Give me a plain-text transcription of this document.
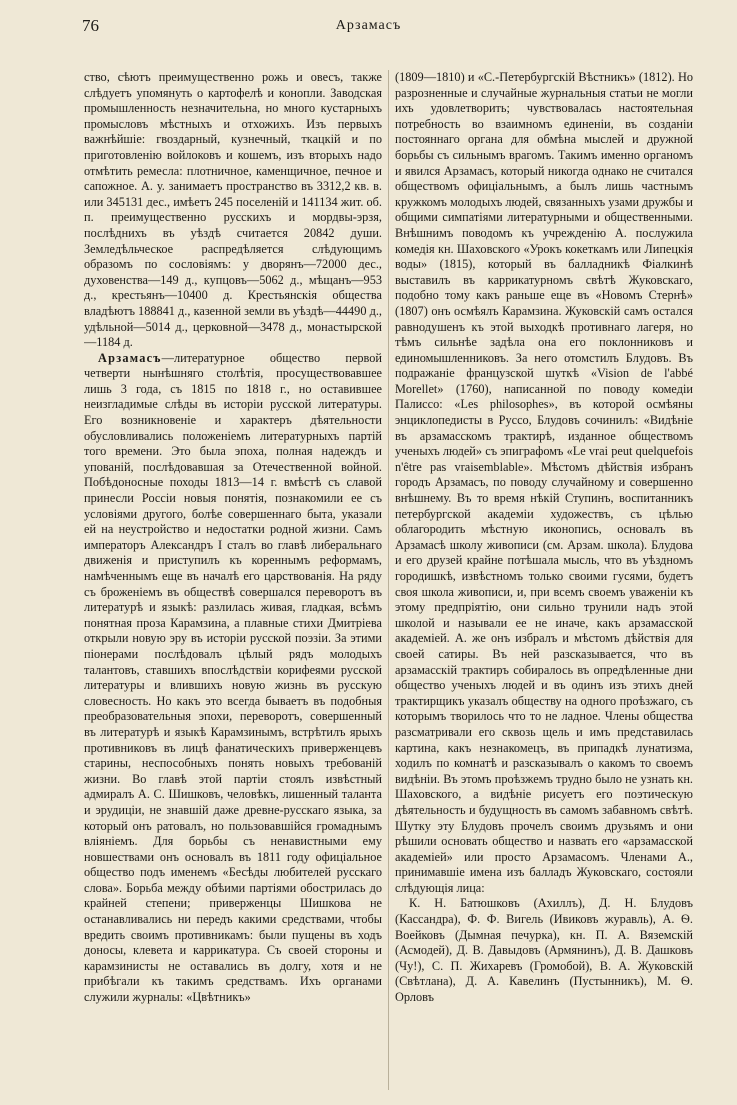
76	Арзамасъ

ство, сѣютъ преимущественно рожь и овесъ, также слѣдуетъ упомянуть о картофелѣ и конопли. Заводская промышленность незначительна, но много кустарныхъ промысловъ мѣстныхъ и отхожихъ. Изъ первыхъ важнѣйшіе: гвоздарный, кузнечный, ткацкій и по приготовленію войлоковъ и кошемъ, изъ вторыхъ надо отмѣтить ремесла: плотничное, каменщичное, печное и сапожное. А. у. занимаетъ пространство въ 3312,2 кв. в. или 345131 дес., имѣетъ 245 поселеній и 141134 жит. об. п. преимущественно русскихъ и мордвы-эрзя, послѣднихъ въ уѣздѣ считается 20842 души. Земледѣльческое распредѣляется слѣдующимъ образомъ по сословіямъ: у дворянъ—72000 дес., духовенства—149 д., купцовъ—5062 д., мѣщанъ—953 д., крестьянъ—10400 д. Крестьянскія общества владѣютъ 188841 д., казенной земли въ уѣздѣ—44490 д., удѣльной—5014 д., церковной—3478 д., монастырской—1184 д.

Арзамасъ—литературное общество первой четверти нынѣшняго столѣтія, просуществовавшее лишь 3 года, съ 1815 по 1818 г., но оставившее неизгладимые слѣды въ исторіи русской литературы. Его возникновеніе и характеръ дѣятельности обусловливались положеніемъ литературныхъ партій того времени. Это была эпоха, полная надеждъ и упованій, послѣдовавшая за Отечественной войной. Побѣдоносные походы 1813—14 г. вмѣстѣ съ славой принесли Россіи новыя понятія, познакомили ее съ условіями другого, болѣе совершеннаго быта, указали ей на неустройство и недостатки родной жизни. Самъ императоръ Александръ I сталъ во главѣ либеральнаго движенія и приступилъ къ кореннымъ реформамъ, намѣченнымъ еще въ началѣ его царствованія. На ряду съ броженіемъ въ обществѣ совершался переворотъ въ литературѣ и языкѣ: разлилась живая, гладкая, всѣмъ понятная проза Карамзина, а плавные стихи Дмитріева открыли новую эру въ исторіи русской поэзіи. За этими піонерами послѣдовалъ цѣлый рядъ молодыхъ талантовъ, ставшихъ впослѣдствіи корифеями русской литературы и влившихъ новую жизнь въ русскую словесность. Но какъ это всегда бываетъ въ подобныя преобразовательныя эпохи, переворотъ, совершенный въ литературѣ и языкѣ Карамзинымъ, встрѣтилъ ярыхъ противниковъ въ лицѣ фанатическихъ приверженцевъ старины, неспособныхъ понять новыхъ требованій жизни. Во главѣ этой партіи стоялъ извѣстный адмиралъ А. С. Шишковъ, человѣкъ, лишенный таланта и эрудиціи, не знавшій даже древне-русскаго языка, за который онъ ратовалъ, но пользовавшійся громаднымъ вліяніемъ. Для борьбы съ ненавистными ему новшествами онъ основалъ въ 1811 году офиціальное общество подъ именемъ «Бесѣды любителей русскаго слова». Борьба между обѣими партіями обострилась до крайней степени; приверженцы Шишкова не останавливались ни передъ какими средствами, чтобы вредить своимъ противникамъ: были пущены въ ходъ доносы, клевета и каррикатура. Съ своей стороны и карамзинисты не оставались въ долгу, хотя и не прибѣгали къ такимъ средствамъ. Ихъ органами служили журналы: «Цвѣтникъ»

(1809—1810) и «С.-Петербургскій Вѣстникъ» (1812). Но разрозненные и случайные журнальныя статьи не могли ихъ удовлетворить; чувствовалась настоятельная потребность во взаимномъ единеніи, въ созданіи постояннаго органа для обмѣна мыслей и дружной борьбы съ сильнымъ врагомъ. Такимъ именно органомъ и явился Арзамасъ, который никогда однако не считался обществомъ офиціальнымъ, а былъ лишь частнымъ кружкомъ молодыхъ людей, связанныхъ узами дружбы и общими симпатіями литературными и общественными. Внѣшнимъ поводомъ къ учрежденію А. послужила комедія кн. Шаховского «Урокъ кокеткамъ или Липецкія воды» (1815), который въ балладникѣ Фіалкинѣ выставилъ въ каррикатурномъ свѣтѣ Жуковскаго, подобно тому какъ раньше еще въ «Новомъ Стернѣ» (1807) онъ осмѣялъ Карамзина. Жуковскій самъ остался равнодушенъ къ этой выходкѣ противнаго лагеря, но тѣмъ сильнѣе задѣла она его поклонниковъ и единомышленниковъ. За него отомстилъ Блудовъ. Въ подражаніе французской шуткѣ «Vision de l'abbé Morellet» (1760), написанной по поводу комедіи Палиссо: «Les philosophes», въ которой осмѣяны энциклопедисты в Руссо, Блудовъ сочинилъ: «Видѣніе въ арзамасскомъ трактирѣ, изданное обществомъ ученыхъ людей» съ эпиграфомъ «Le vrai peut quelquefois n'être pas vraisemblable». Мѣстомъ дѣйствія избранъ городъ Арзамасъ, по поводу случайному и совершенно внѣшнему. Въ то время нѣкій Ступинъ, воспитанникъ петербургской академіи художествъ, съ цѣлью облагородить мѣстную иконопись, основалъ въ Арзамасѣ школу живописи (см. Арзам. школа). Блудова и его друзей крайне потѣшала мысль, что въ уѣздномъ городишкѣ, извѣстномъ только своими гусями, будетъ своя школа живописи, и, при всемъ своемъ уваженіи къ этому предпріятію, они сильно трунили надъ этой школой и называли ее не иначе, какъ арзамасской академіей. А. же онъ избралъ и мѣстомъ дѣйствія для своей сатиры. Въ ней разсказывается, что въ арзамасскій трактиръ собиралось въ опредѣленные дни общество ученыхъ людей и въ одинъ изъ этихъ дней трактирщикъ указалъ обществу на одного проѣзжаго, съ которымъ творилось что то не ладное. Члены общества разсматривали его сквозь щель и имъ представилась картина, какъ незнакомецъ, въ припадкѣ лунатизма, ходилъ по комнатѣ и разсказывалъ о какомъ то своемъ видѣніи. Въ этомъ проѣзжемъ трудно было не узнать кн. Шаховского, а видѣніе рисуетъ его поэтическую дѣятельность и будущность въ самомъ забавномъ свѣтѣ. Шутку эту Блудовъ прочелъ своимъ друзьямъ и они рѣшили основать общество и назвать его «арзамасской академіей» или просто Арзамасомъ. Членами А., принимавшіе имена изъ балладъ Жуковскаго, состояли слѣдующія лица:

К. Н. Батюшковъ (Ахиллъ), Д. Н. Блудовъ (Кассандра), Ф. Ф. Вигель (Ивиковъ журавль), А. Ѳ. Воейковъ (Дымная печурка), кн. П. А. Вяземскій (Асмодей), Д. В. Давыдовъ (Армянинъ), Д. В. Дашковъ (Чу!), С. П. Жихаревъ (Громобой), В. А. Жуковскій (Свѣтлана), Д. А. Кавелинъ (Пустынникъ), М. Ѳ. Орловъ
